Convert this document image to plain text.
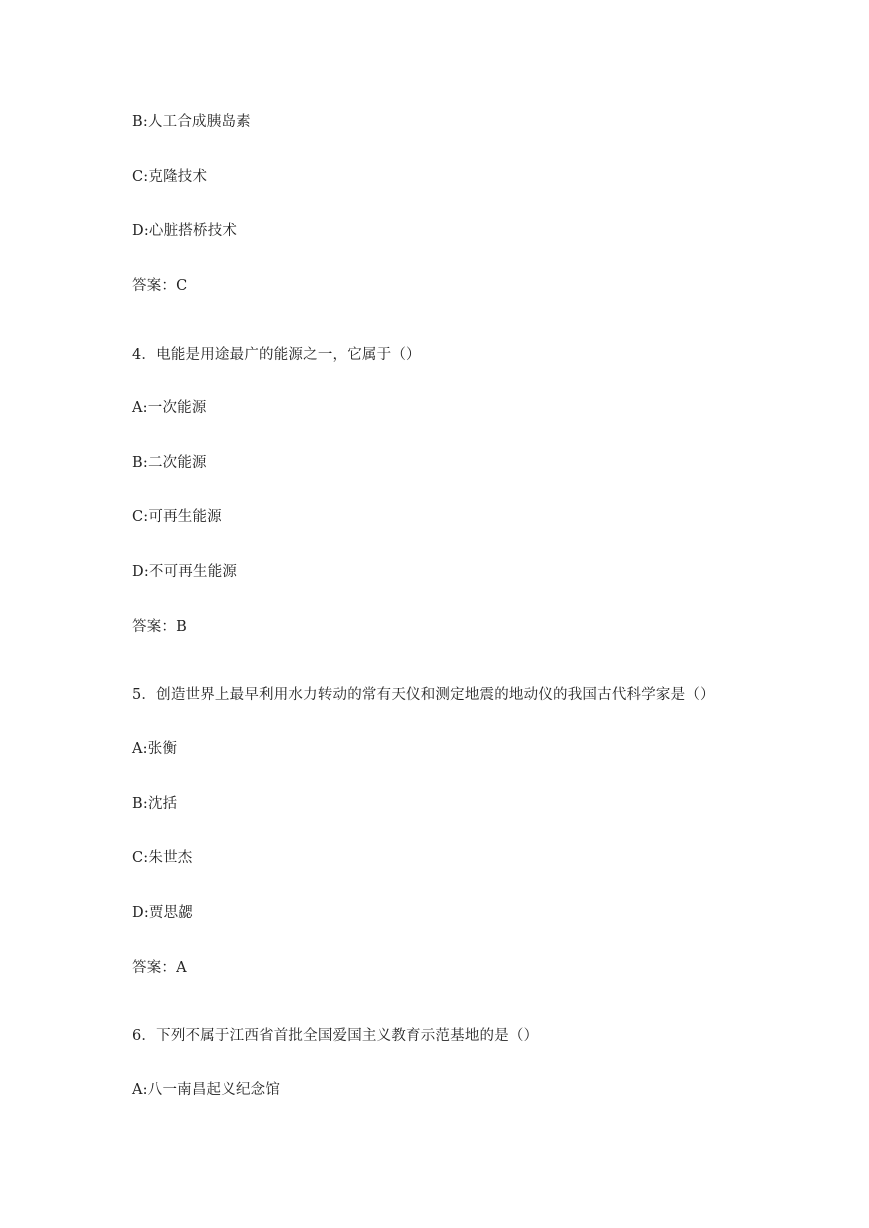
B:人工合成胰岛素
C:克隆技术
D:心脏搭桥技术
答案：C
4．电能是用途最广的能源之一，它属于（）
A:一次能源
B:二次能源
C:可再生能源
D:不可再生能源
答案：B
5．创造世界上最早利用水力转动的常有天仪和测定地震的地动仪的我国古代科学家是（）
A:张衡
B:沈括
C:朱世杰
D:贾思勰
答案：A
6．下列不属于江西省首批全国爱国主义教育示范基地的是（）
A:八一南昌起义纪念馆
